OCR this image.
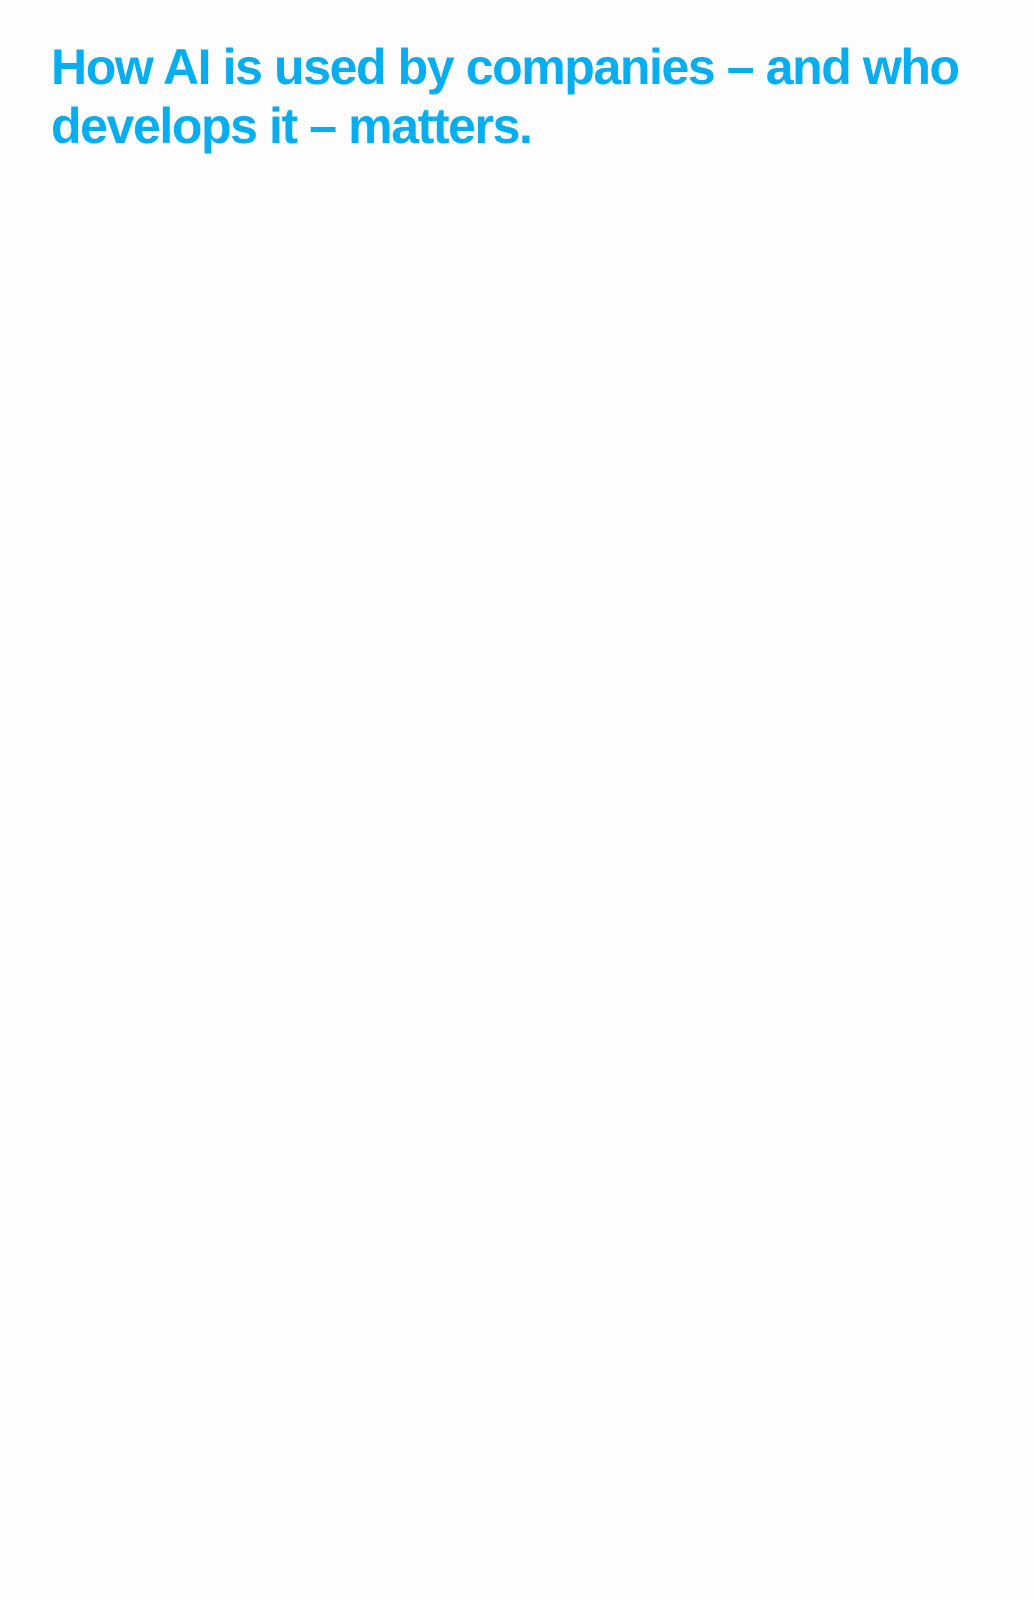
How AI is used by companies – and who develops it – matters.
